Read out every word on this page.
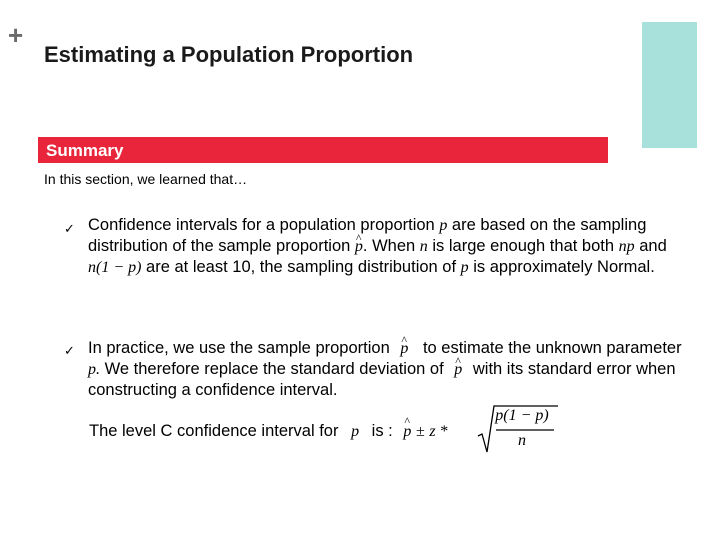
+
Estimating a Population Proportion
Summary
In this section, we learned that…
✓ Confidence intervals for a population proportion p are based on the sampling distribution of the sample proportion ^ p. When n is large enough that both np and n(1 − p) are at least 10, the sampling distribution of p is approximately Normal.
✓ In practice, we use the sample proportion ^ p to estimate the unknown parameter p. We therefore replace the standard deviation of ^ p with its standard error when constructing a confidence interval.
The level C confidence interval for p is : ^ p ± z *
p(1 − p)
n
